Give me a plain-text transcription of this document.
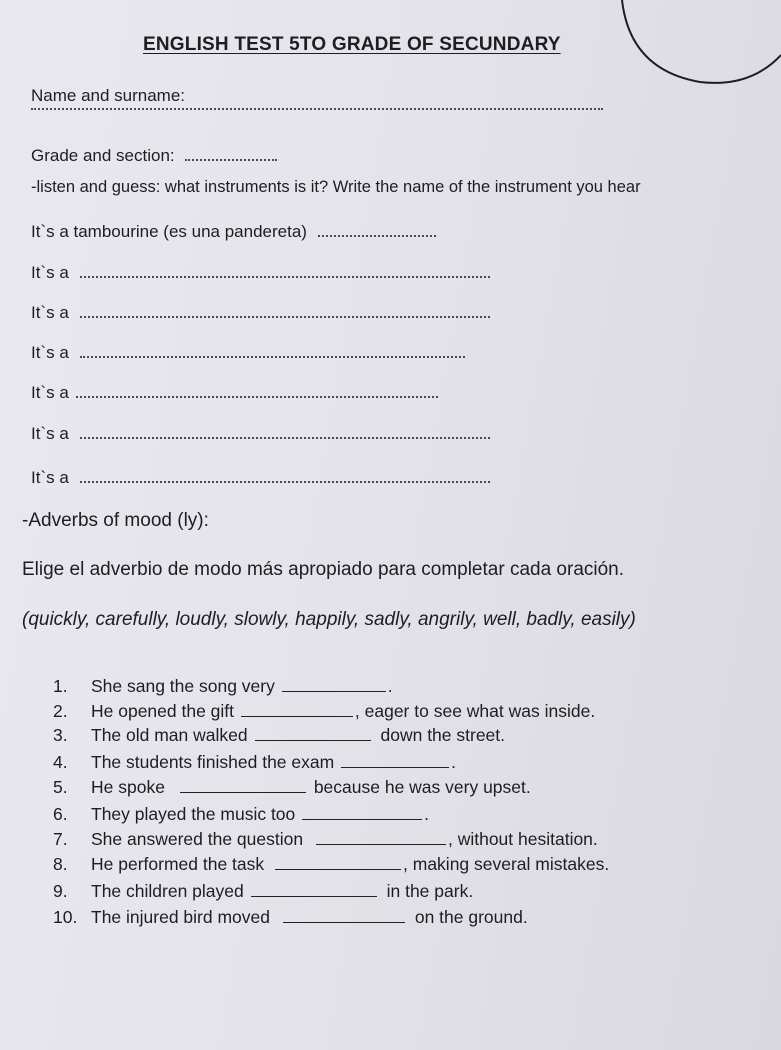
ENGLISH TEST 5TO GRADE OF SECUNDARY
Name and surname:
Grade and section:
-listen and guess: what instruments is it? Write the name of the instrument you hear
It`s a tambourine (es una pandereta)
It`s a
It`s a
It`s a
It`s a
It`s a
It`s a
-Adverbs of mood (ly):
Elige el adverbio de modo más apropiado para completar cada oración.
(quickly, carefully, loudly, slowly, happily, sadly, angrily, well, badly, easily)
1. She sang the song very	.
2. He opened the gift	, eager to see what was inside.
3. The old man walked	down the street.
4. The students finished the exam	.
5. He spoke	because he was very upset.
6. They played the music too	.
7. She answered the question	, without hesitation.
8. He performed the task	, making several mistakes.
9. The children played	in the park.
10. The injured bird moved	on the ground.
